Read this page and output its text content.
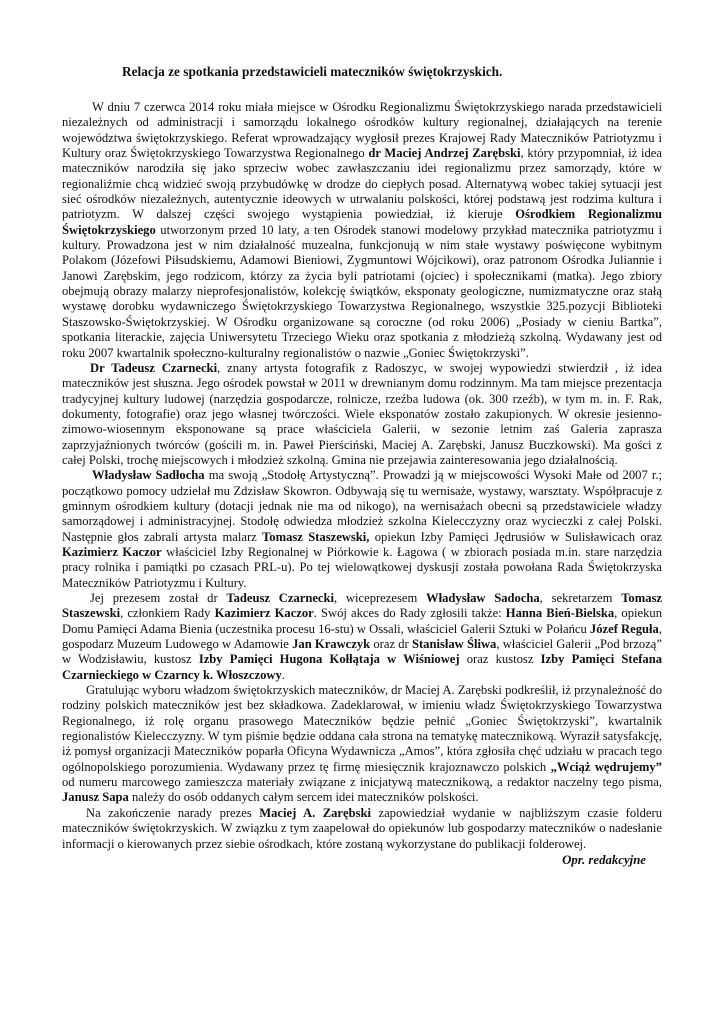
Relacja ze spotkania przedstawicieli mateczników świętokrzyskich.

W dniu 7 czerwca 2014 roku miała miejsce w Ośrodku Regionalizmu Świętokrzyskiego narada przedstawicieli niezależnych od administracji i samorządu lokalnego ośrodków kultury regionalnej, działających na terenie województwa świętokrzyskiego. Referat wprowadzający wygłosił prezes Krajowej Rady Mateczników Patriotyzmu i Kultury oraz Świętokrzyskiego Towarzystwa Regionalnego dr Maciej Andrzej Zarębski, który przypomniał, iż idea mateczników narodziła się jako sprzeciw wobec zawłaszczaniu idei regionalizmu przez samorządy, które w regionaliźmie chcą widzieć swoją przybudówkę w drodze do ciepłych posad. Alternatywą wobec takiej sytuacji jest sieć ośrodków niezależnych, autentycznie ideowych w utrwalaniu polskości, której podstawą jest rodzima kultura i patriotyzm. W dalszej części swojego wystąpienia powiedział, iż kieruje Ośrodkiem Regionalizmu Świętokrzyskiego utworzonym przed 10 laty, a ten Ośrodek stanowi modelowy przykład matecznika patriotyzmu i kultury. Prowadzona jest w nim działalność muzealna, funkcjonują w nim stałe wystawy poświęcone wybitnym Polakom (Józefowi Piłsudskiemu, Adamowi Bieniowi, Zygmuntowi Wójcikowi), oraz patronom Ośrodka Juliannie i Janowi Zarębskim, jego rodzicom, którzy za życia byli patriotami (ojciec) i społecznikami (matka). Jego zbiory obejmują obrazy malarzy nieprofesjonalistów, kolekcję świątków, eksponaty geologiczne, numizmatyczne oraz stałą wystawę dorobku wydawniczego Świętokrzyskiego Towarzystwa Regionalnego, wszystkie 325.pozycji Biblioteki Staszowsko-Świętokrzyskiej. W Ośrodku organizowane są coroczne (od roku 2006) „Posiady w cieniu Bartka”, spotkania literackie, zajęcia Uniwersytetu Trzeciego Wieku oraz spotkania z młodzieżą szkolną. Wydawany jest od roku 2007 kwartalnik społeczno-kulturalny regionalistów o nazwie „Goniec Świętokrzyski”.

Dr Tadeusz Czarnecki, znany artysta fotografik z Radoszyc, w swojej wypowiedzi stwierdził , iż idea mateczników jest słuszna. Jego ośrodek powstał w 2011 w drewnianym domu rodzinnym. Ma tam miejsce prezentacja tradycyjnej kultury ludowej (narzędzia gospodarcze, rolnicze, rzeźba ludowa (ok. 300 rzeźb), w tym m. in. F. Rak, dokumenty, fotografie) oraz jego własnej twórczości. Wiele eksponatów zostało zakupionych. W okresie jesienno-zimowo-wiosennym eksponowane są prace właściciela Galerii, w sezonie letnim zaś Galeria zaprasza zaprzyjaźnionych twórców (gościli m. in. Paweł Pierściński, Maciej A. Zarębski, Janusz Buczkowski). Ma gości z całej Polski, trochę miejscowych i młodzież szkolną. Gmina nie przejawia zainteresowania jego działalnością.

Władysław Sadłocha ma swoją „Stodołę Artystyczną”. Prowadzi ją w miejscowości Wysoki Małe od 2007 r.; początkowo pomocy udzielał mu Zdzisław Skowron. Odbywają się tu wernisaże, wystawy, warsztaty. Współpracuje z gminnym ośrodkiem kultury (dotacji jednak nie ma od nikogo), na wernisażach obecni są przedstawiciele władzy samorządowej i administracyjnej. Stodołę odwiedza młodzież szkolna Kielecczyzny oraz wycieczki z całej Polski. Następnie głos zabrali artysta malarz Tomasz Staszewski, opiekun Izby Pamięci Jędrusiów w Sulisławicach oraz Kazimierz Kaczor właściciel Izby Regionalnej w Piórkowie k. Łagowa ( w zbiorach posiada m.in. stare narzędzia pracy rolnika i pamiątki po czasach PRL-u). Po tej wielowątkowej dyskusji została powołana Rada Świętokrzyska Mateczników Patriotyzmu i Kultury.

Jej prezesem został dr Tadeusz Czarnecki, wiceprezesem Władysław Sadocha, sekretarzem Tomasz Staszewski, członkiem Rady Kazimierz Kaczor. Swój akces do Rady zgłosili także: Hanna Bień-Bielska, opiekun Domu Pamięci Adama Bienia (uczestnika procesu 16-stu) w Ossali, właściciel Galerii Sztuki w Połańcu Józef Reguła, gospodarz Muzeum Ludowego w Adamowie Jan Krawczyk oraz dr Stanisław Śliwa, właściciel Galerii „Pod brzozą” w Wodzisławiu, kustosz Izby Pamięci Hugona Kołłątaja w Wiśniowej oraz kustosz Izby Pamięci Stefana Czarnieckiego w Czarncy k. Włoszczowy.

Gratulując wyboru władzom świętokrzyskich mateczników, dr Maciej A. Zarębski podkreślił, iż przynależność do rodziny polskich mateczników jest bez składkowa. Zadeklarował, w imieniu władz Świętokrzyskiego Towarzystwa Regionalnego, iż rolę organu prasowego Mateczników będzie pełnić „Goniec Świętokrzyski”, kwartalnik regionalistów Kielecczyzny. W tym piśmie będzie oddana cała strona na tematykę matecznikową. Wyraził satysfakcję, iż pomysł organizacji Mateczników poparła Oficyna Wydawnicza „Amos”, która zgłosiła chęć udziału w pracach tego ogólnopolskiego porozumienia. Wydawany przez tę firmę miesięcznik krajoznawczo polskich „Wciąż wędrujemy” od numeru marcowego zamieszcza materiały związane z inicjatywą matecznikową, a redaktor naczelny tego pisma, Janusz Sapa należy do osób oddanych całym sercem idei mateczników polskości.

Na zakończenie narady prezes Maciej A. Zarębski zapowiedział wydanie w najbliższym czasie folderu mateczników świętokrzyskich. W związku z tym zaapelował do opiekunów lub gospodarzy mateczników o nadesłanie informacji o kierowanych przez siebie ośrodkach, które zostaną wykorzystane do publikacji folderowej.

Opr. redakcyjne
